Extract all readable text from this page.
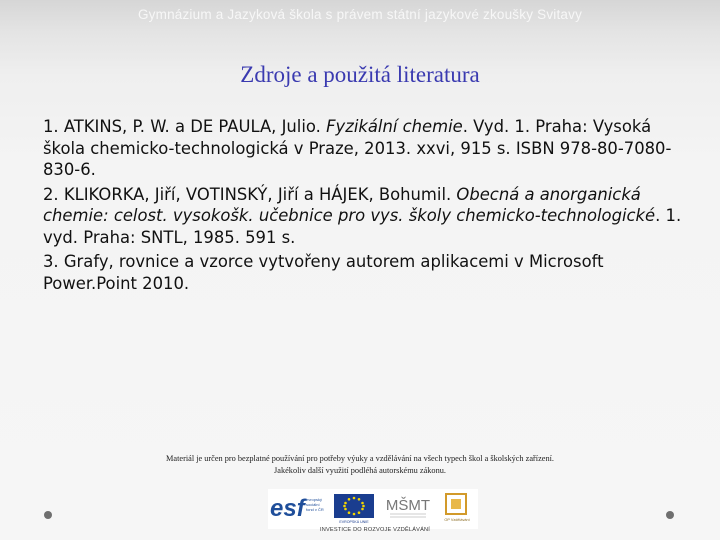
Gymnázium a Jazyková škola s právem státní jazykové zkoušky Svitavy
Zdroje a použitá literatura

1. ATKINS, P. W. a DE PAULA, Julio. Fyzikální chemie. Vyd. 1. Praha: Vysoká škola chemicko-technologická v Praze, 2013. xxvi, 915 s. ISBN 978-80-7080-830-6.

2. KLIKORKA, Jiří, VOTINSKÝ, Jiří a HÁJEK, Bohumil. Obecná a anorganická chemie: celost. vysokošk. učebnice pro vys. školy chemicko-technologické. 1. vyd. Praha: SNTL, 1985. 591 s.

3. Grafy, rovnice a vzorce vytvořeny autorem aplikacemi v Microsoft Power.Point 2010.

Materiál je určen pro bezplatné používání pro potřeby výuky a vzdělávání na všech typech škol a školských zařízení.
Jakékoliv další využití podléhá autorskému zákonu.
esf evropský
sociální
fond v ČR
EVROPSKÁ UNIE
MŠMT
OP Vzdělávání
INVESTICE DO ROZVOJE VZDĚLÁVÁNÍ
